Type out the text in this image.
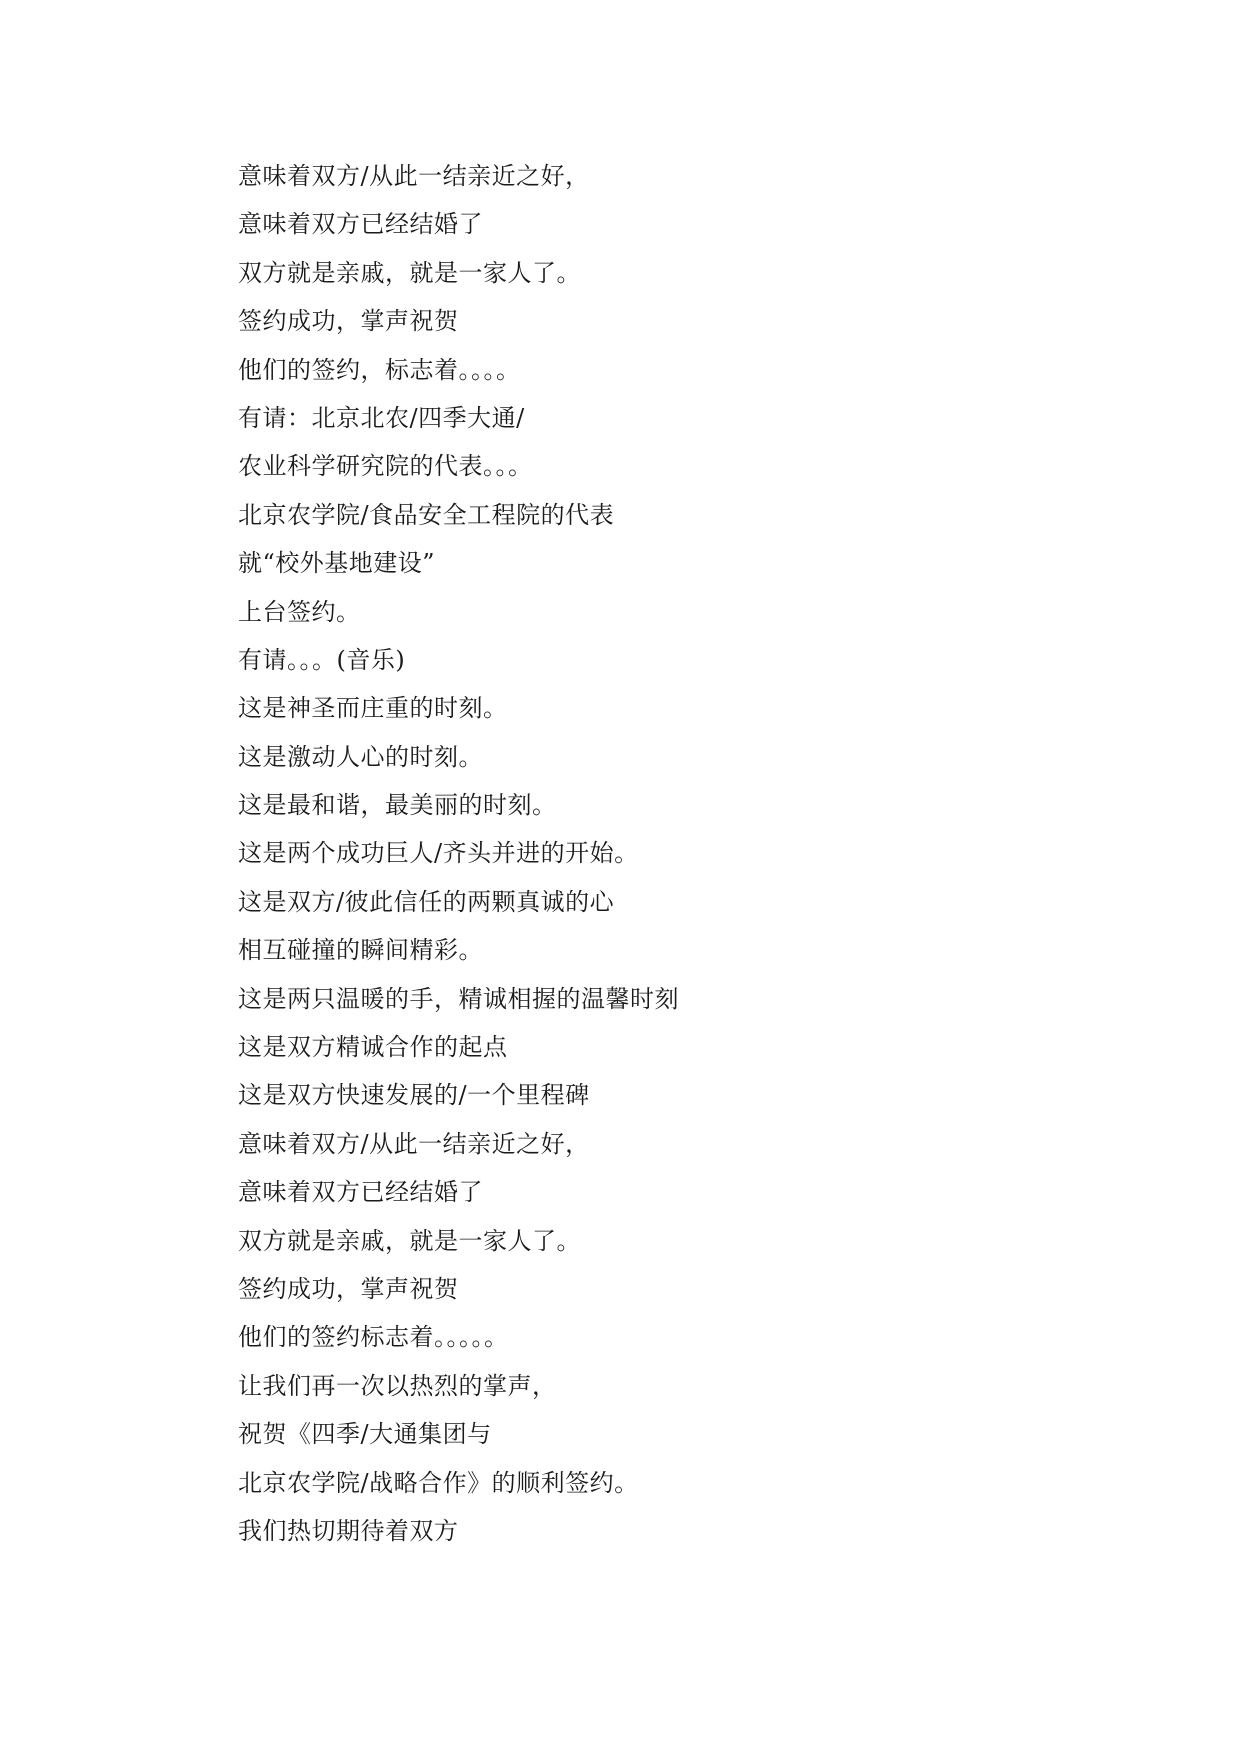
意味着双方/从此一结亲近之好，
意味着双方已经结婚了
双方就是亲戚，就是一家人了。
签约成功，掌声祝贺
他们的签约，标志着。。。。
有请：北京北农/四季大通/
农业科学研究院的代表。。。
北京农学院/食品安全工程院的代表
就“校外基地建设”
上台签约。
有请。。。(音乐)
这是神圣而庄重的时刻。
这是激动人心的时刻。
这是最和谐，最美丽的时刻。
这是两个成功巨人/齐头并进的开始。
这是双方/彼此信任的两颗真诚的心
相互碰撞的瞬间精彩。
这是两只温暖的手，精诚相握的温馨时刻
这是双方精诚合作的起点
这是双方快速发展的/一个里程碑
意味着双方/从此一结亲近之好，
意味着双方已经结婚了
双方就是亲戚，就是一家人了。
签约成功，掌声祝贺
他们的签约标志着。。。。。
让我们再一次以热烈的掌声，
祝贺《四季/大通集团与
北京农学院/战略合作》的顺利签约。
我们热切期待着双方
